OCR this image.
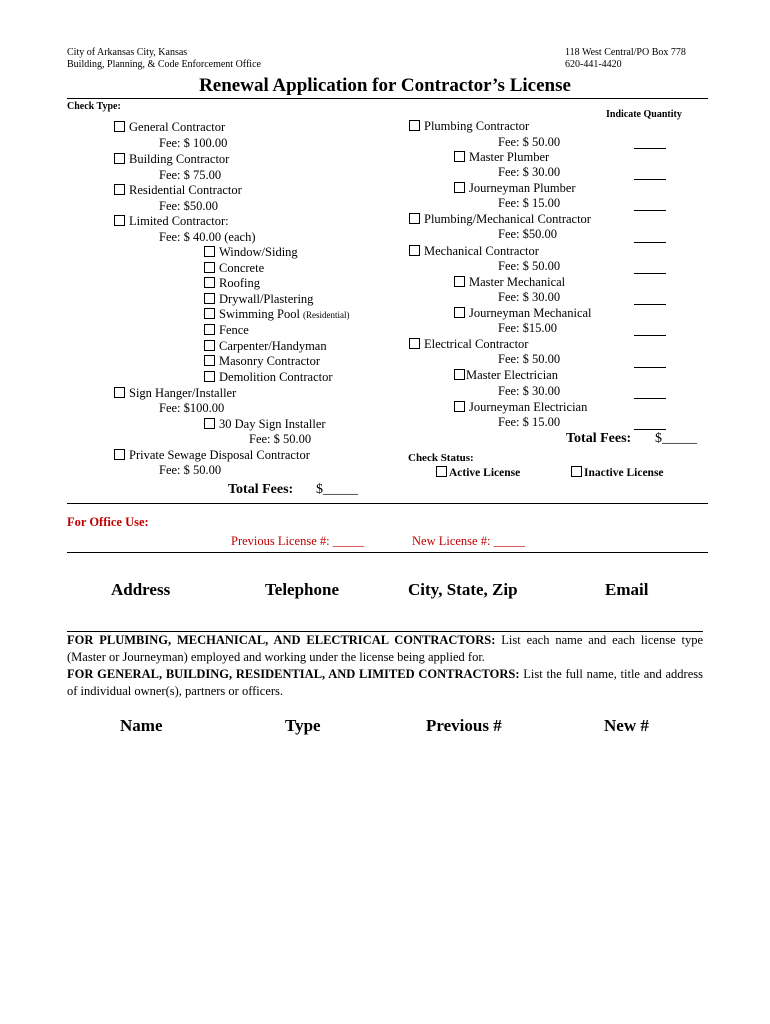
City of Arkansas City, Kansas
Building, Planning, & Code Enforcement Office
118 West Central/PO Box 778
620-441-4420
Renewal Application for Contractor’s License
Check Type:
Indicate Quantity
General Contractor
Fee: $ 100.00
Building Contractor
Fee: $ 75.00
Residential Contractor
Fee: $50.00
Limited Contractor:
Fee: $ 40.00 (each)
Window/Siding
Concrete
Roofing
Drywall/Plastering
Swimming Pool (Residential)
Fence
Carpenter/Handyman
Masonry Contractor
Demolition Contractor
Sign Hanger/Installer
Fee: $100.00
30 Day Sign Installer
Fee: $ 50.00
Private Sewage Disposal Contractor
Fee: $ 50.00
Total Fees: $_____
Plumbing Contractor
Fee: $ 50.00
Master Plumber
Fee: $ 30.00
Journeyman Plumber
Fee: $ 15.00
Plumbing/Mechanical Contractor
Fee: $50.00
Mechanical Contractor
Fee: $ 50.00
Master Mechanical
Fee: $ 30.00
Journeyman Mechanical
Fee: $15.00
Electrical Contractor
Fee: $ 50.00
Master Electrician
Fee: $ 30.00
Journeyman Electrician
Fee: $ 15.00
Total Fees: $_____
Check Status:
Active License	Inactive License
For Office Use:
Previous License #: _____	New License #: _____
Address	Telephone	City, State, Zip	Email
FOR PLUMBING, MECHANICAL, AND ELECTRICAL CONTRACTORS: List each name and each license type (Master or Journeyman) employed and working under the license being applied for.
FOR GENERAL, BUILDING, RESIDENTIAL, AND LIMITED CONTRACTORS: List the full name, title and address of individual owner(s), partners or officers.
Name	Type	Previous #	New #
